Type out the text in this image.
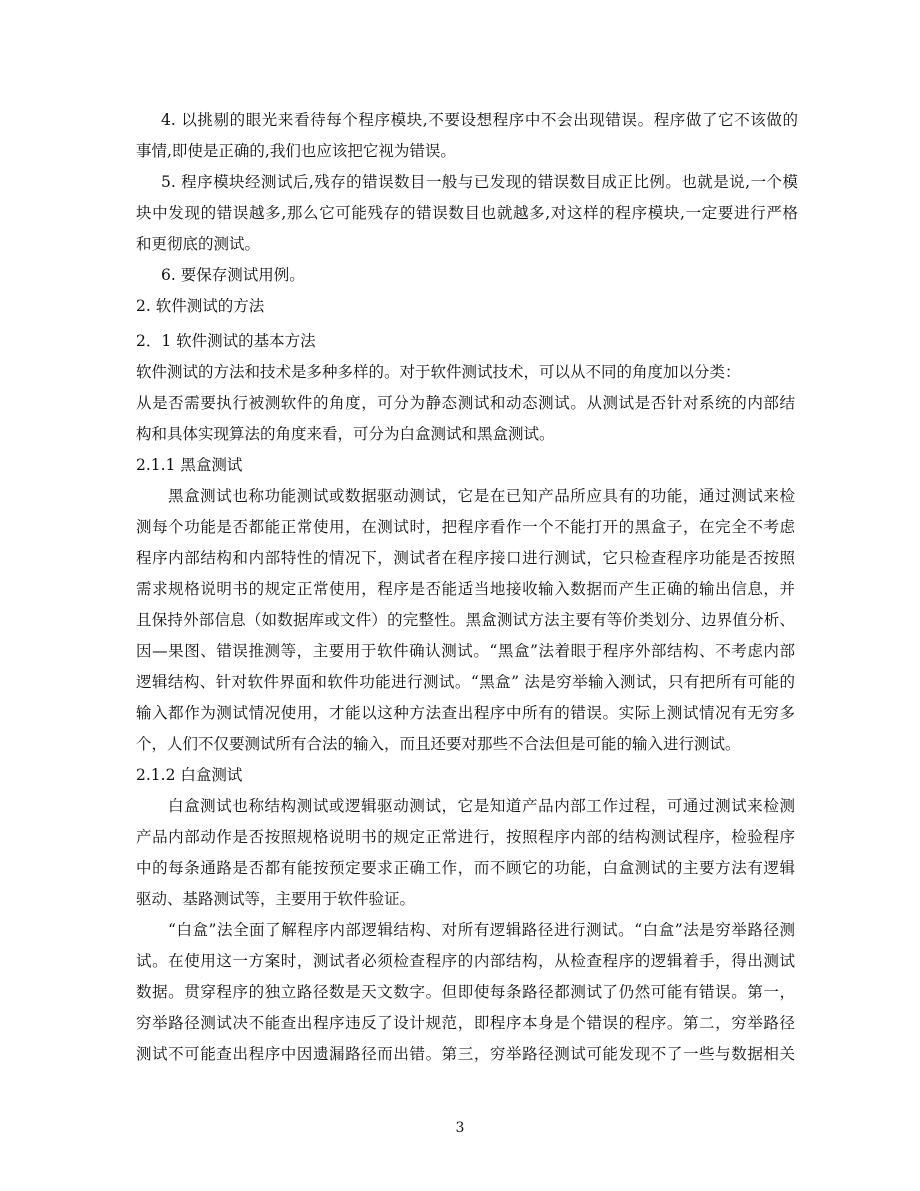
4. 以挑剔的眼光来看待每个程序模块,不要设想程序中不会出现错误。程序做了它不该做的
事情,即使是正确的,我们也应该把它视为错误。
5. 程序模块经测试后,残存的错误数目一般与已发现的错误数目成正比例。也就是说,一个模
块中发现的错误越多,那么它可能残存的错误数目也就越多,对这样的程序模块,一定要进行严格
和更彻底的测试。
6. 要保存测试用例。
2. 软件测试的方法
2．1 软件测试的基本方法
软件测试的方法和技术是多种多样的。对于软件测试技术，可以从不同的角度加以分类：
从是否需要执行被测软件的角度，可分为静态测试和动态测试。从测试是否针对系统的内部结
构和具体实现算法的角度来看，可分为白盒测试和黑盒测试。
2.1.1 黑盒测试
黑盒测试也称功能测试或数据驱动测试，它是在已知产品所应具有的功能，通过测试来检
测每个功能是否都能正常使用，在测试时，把程序看作一个不能打开的黑盒子，在完全不考虑
程序内部结构和内部特性的情况下，测试者在程序接口进行测试，它只检查程序功能是否按照
需求规格说明书的规定正常使用，程序是否能适当地接收输入数据而产生正确的输出信息，并
且保持外部信息（如数据库或文件）的完整性。黑盒测试方法主要有等价类划分、边界值分析、
因—果图、错误推测等，主要用于软件确认测试。“黑盒”法着眼于程序外部结构、不考虑内部
逻辑结构、针对软件界面和软件功能进行测试。“黑盒” 法是穷举输入测试，只有把所有可能的
输入都作为测试情况使用，才能以这种方法查出程序中所有的错误。实际上测试情况有无穷多
个，人们不仅要测试所有合法的输入，而且还要对那些不合法但是可能的输入进行测试。
2.1.2 白盒测试
白盒测试也称结构测试或逻辑驱动测试，它是知道产品内部工作过程，可通过测试来检测
产品内部动作是否按照规格说明书的规定正常进行，按照程序内部的结构测试程序，检验程序
中的每条通路是否都有能按预定要求正确工作，而不顾它的功能，白盒测试的主要方法有逻辑
驱动、基路测试等，主要用于软件验证。
“白盒”法全面了解程序内部逻辑结构、对所有逻辑路径进行测试。“白盒”法是穷举路径测
试。在使用这一方案时，测试者必须检查程序的内部结构，从检查程序的逻辑着手，得出测试
数据。贯穿程序的独立路径数是天文数字。但即使每条路径都测试了仍然可能有错误。第一，
穷举路径测试决不能查出程序违反了设计规范，即程序本身是个错误的程序。第二，穷举路径
测试不可能查出程序中因遗漏路径而出错。第三，穷举路径测试可能发现不了一些与数据相关
3
